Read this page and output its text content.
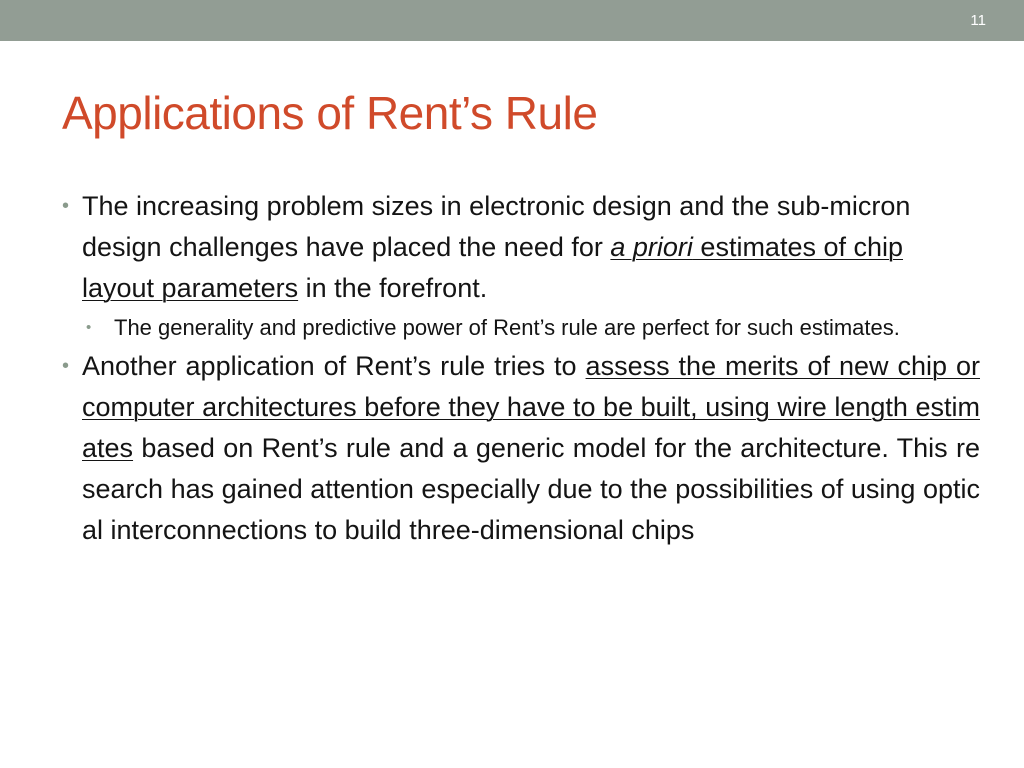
11
Applications of Rent’s Rule
• The increasing problem sizes in electronic design and the sub-micron design challenges have placed the need for a priori estimates of chip layout parameters in the forefront.
• The generality and predictive power of Rent’s rule are perfect for such estimates.
• Another application of Rent’s rule tries to assess the merits of new chip or computer architectures before they have to be built, using wire length estimates based on Rent’s rule and a generic model for the architecture. This research has gained attention especially due to the possibilities of using optical interconnections to build three-dimensional chips
